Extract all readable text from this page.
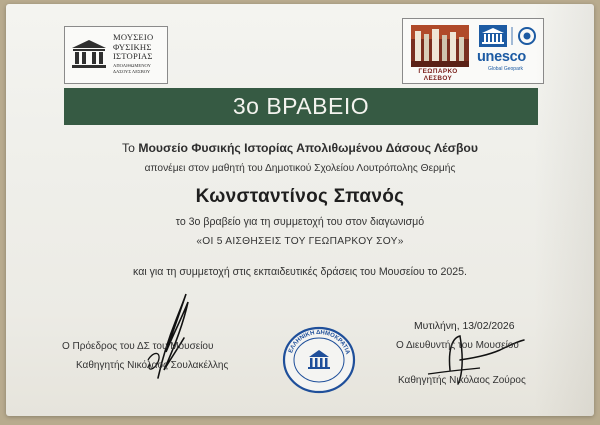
ΜΟΥΣΕΙΟ
ΦΥΣΙΚΗΣ
ΙΣΤΟΡΙΑΣ
ΑΠΟΛΙΘΩΜΕΝΟΥ
ΔΑΣΟΥΣ ΛΕΣΒΟΥ	ΓΕΩΠΑΡΚΟ
ΛΕΣΒΟΥ
unesco
Global Geopark
3ο ΒΡΑΒΕΙΟ
Το Μουσείο Φυσικής Ιστορίας Απολιθωμένου Δάσους Λέσβου
απονέμει στον μαθητή του Δημοτικού Σχολείου Λουτρόπολης Θερμής
Κωνσταντίνος Σπανός
το 3ο βραβείο για τη συμμετοχή του στον διαγωνισμό
«ΟΙ 5 ΑΙΣΘΗΣΕΙΣ ΤΟΥ ΓΕΩΠΑΡΚΟΥ ΣΟΥ»
και για τη συμμετοχή στις εκπαιδευτικές δράσεις του Μουσείου το 2025.
Μυτιλήνη, 13/02/2026
Ο Πρόεδρος του ΔΣ του Μουσείου
Καθηγητής Νικόλαος Σουλακέλλης
ΕΛΛΗΝΙΚΗ ΔΗΜΟΚΡΑΤΙΑ
Ο Διευθυντής του Μουσείου
Καθηγητής Νικόλαος Ζούρος
